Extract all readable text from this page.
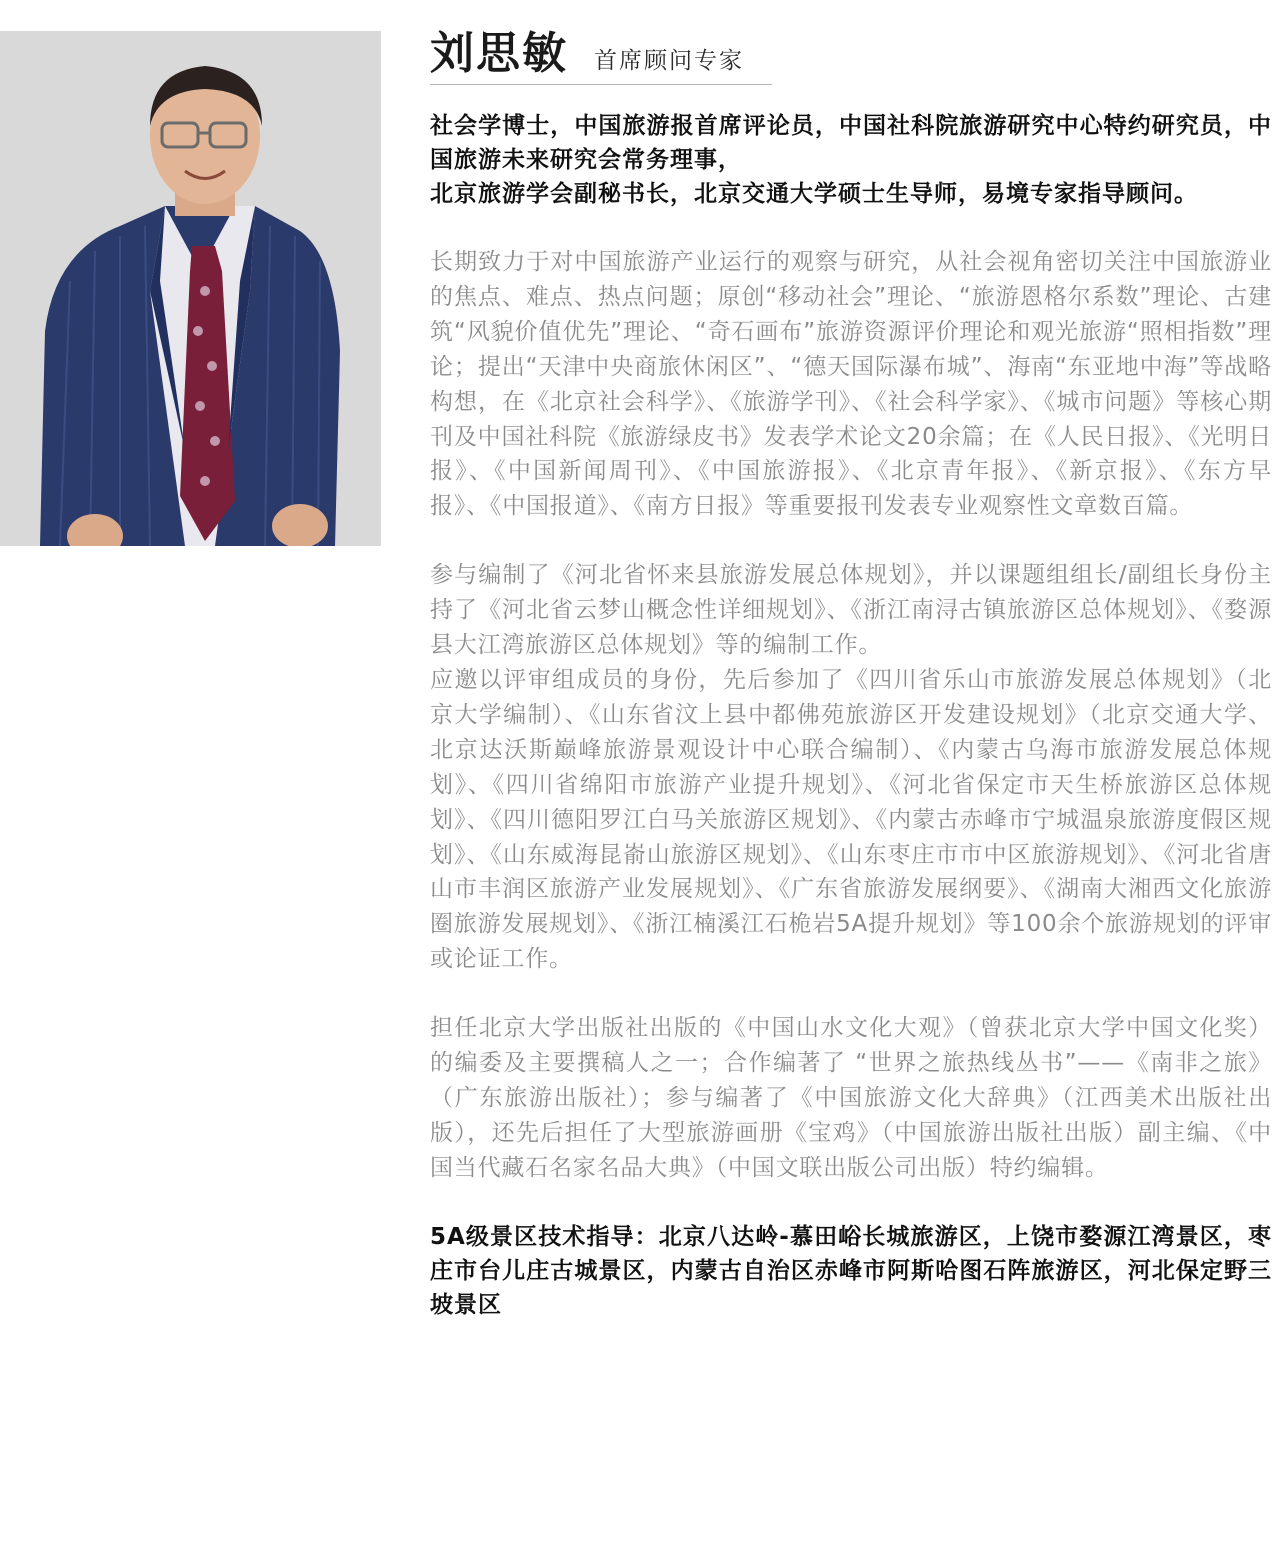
刘思敏 首席顾问专家

社会学博士，中国旅游报首席评论员，中国社科院旅游研究中心特约研究员，中国旅游未来研究会常务理事，

北京旅游学会副秘书长，北京交通大学硕士生导师，易境专家指导顾问。

长期致力于对中国旅游产业运行的观察与研究，从社会视角密切关注中国旅游业的焦点、难点、热点问题；原创“移动社会”理论、“旅游恩格尔系数”理论、古建筑“风貌价值优先”理论、“奇石画布”旅游资源评价理论和观光旅游“照相指数”理论；提出“天津中央商旅休闲区”、“德天国际瀑布城”、海南“东亚地中海”等战略构想，在《北京社会科学》、《旅游学刊》、《社会科学家》、《城市问题》等核心期刊及中国社科院《旅游绿皮书》发表学术论文20余篇；在《人民日报》、《光明日报》、《中国新闻周刊》、《中国旅游报》、《北京青年报》、《新京报》、《东方早报》、《中国报道》、《南方日报》等重要报刊发表专业观察性文章数百篇。

参与编制了《河北省怀来县旅游发展总体规划》，并以课题组组长/副组长身份主持了《河北省云梦山概念性详细规划》、《浙江南浔古镇旅游区总体规划》、《婺源县大江湾旅游区总体规划》等的编制工作。

应邀以评审组成员的身份，先后参加了《四川省乐山市旅游发展总体规划》（北京大学编制）、《山东省汶上县中都佛苑旅游区开发建设规划》（北京交通大学、北京达沃斯巅峰旅游景观设计中心联合编制）、《内蒙古乌海市旅游发展总体规划》、《四川省绵阳市旅游产业提升规划》、《河北省保定市天生桥旅游区总体规划》、《四川德阳罗江白马关旅游区规划》、《内蒙古赤峰市宁城温泉旅游度假区规划》、《山东威海昆嵛山旅游区规划》、《山东枣庄市市中区旅游规划》、《河北省唐山市丰润区旅游产业发展规划》、《广东省旅游发展纲要》、《湖南大湘西文化旅游圈旅游发展规划》、《浙江楠溪江石桅岩5A提升规划》等100余个旅游规划的评审或论证工作。

担任北京大学出版社出版的《中国山水文化大观》（曾获北京大学中国文化奖）的编委及主要撰稿人之一；合作编著了 “世界之旅热线丛书”——《南非之旅》（广东旅游出版社）；参与编著了《中国旅游文化大辞典》（江西美术出版社出版），还先后担任了大型旅游画册《宝鸡》（中国旅游出版社出版）副主编、《中国当代藏石名家名品大典》（中国文联出版公司出版）特约编辑。

5A级景区技术指导：北京八达岭-慕田峪长城旅游区，上饶市婺源江湾景区，枣庄市台儿庄古城景区，内蒙古自治区赤峰市阿斯哈图石阵旅游区，河北保定野三坡景区
